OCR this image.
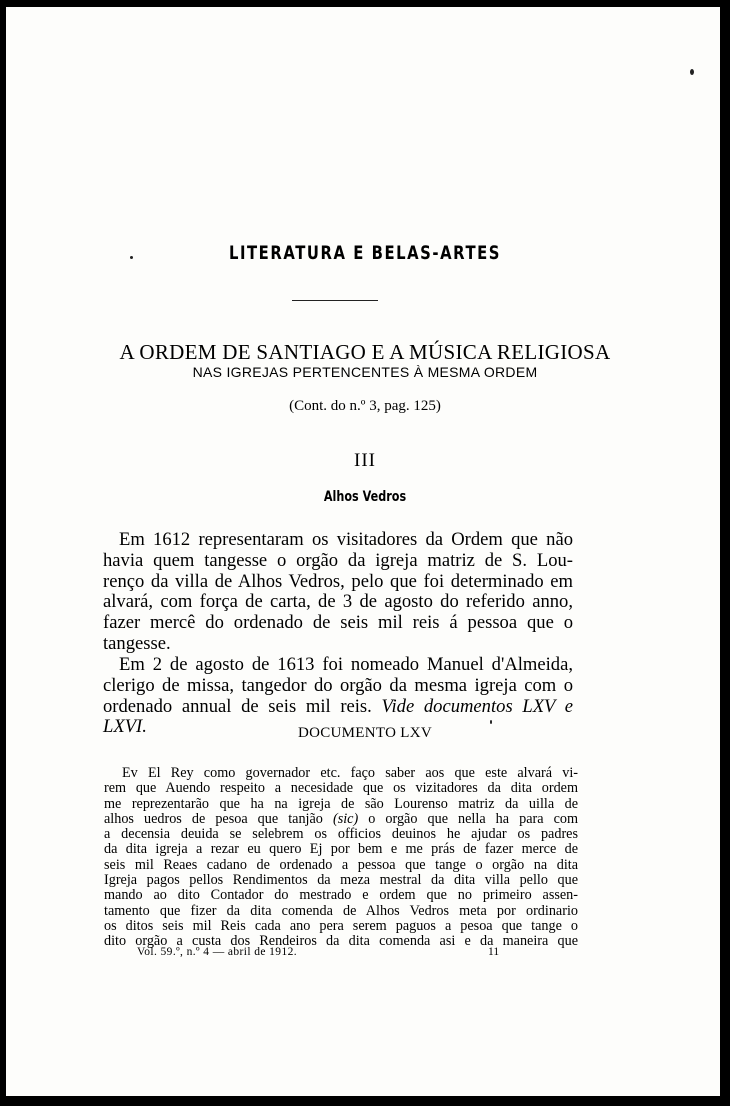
LITERATURA E BELAS-ARTES
A ORDEM DE SANTIAGO E A MÚSICA RELIGIOSA
NAS IGREJAS PERTENCENTES À MESMA ORDEM
(Cont. do n.º 3, pag. 125)
III
Alhos Vedros
Em 1612 representaram os visitadores da Ordem que não
havia quem tangesse o orgão da igreja matriz de S. Lou-
renço da villa de Alhos Vedros, pelo que foi determinado em
alvará, com força de carta, de 3 de agosto do referido anno,
fazer mercê do ordenado de seis mil reis á pessoa que o
tangesse.
Em 2 de agosto de 1613 foi nomeado Manuel d'Almeida,
clerigo de missa, tangedor do orgão da mesma igreja com o
ordenado annual de seis mil reis. Vide documentos LXV e
LXVI.	DOCUMENTO LXV
Ev El Rey como governador etc. faço saber aos que este alvará vi-
rem que Auendo respeito a necesidade que os vizitadores da dita ordem
me reprezentarão que ha na igreja de são Lourenso matriz da uilla de
alhos uedros de pesoa que tanjão (sic) o orgão que nella ha para com
a decensia deuida se selebrem os officios deuinos he ajudar os padres
da dita igreja a rezar eu quero Ej por bem e me prás de fazer merce de
seis mil Reaes cadano de ordenado a pessoa que tange o orgão na dita
Igreja pagos pellos Rendimentos da meza mestral da dita villa pello que
mando ao dito Contador do mestrado e ordem que no primeiro assen-
tamento que fizer da dita comenda de Alhos Vedros meta por ordinario
os ditos seis mil Reis cada ano pera serem paguos a pesoa que tange o
dito orgão a custa dos Rendeiros da dita comenda asi e da maneira que
Vol. 59.º, n.º 4 — abril de 1912.	11
